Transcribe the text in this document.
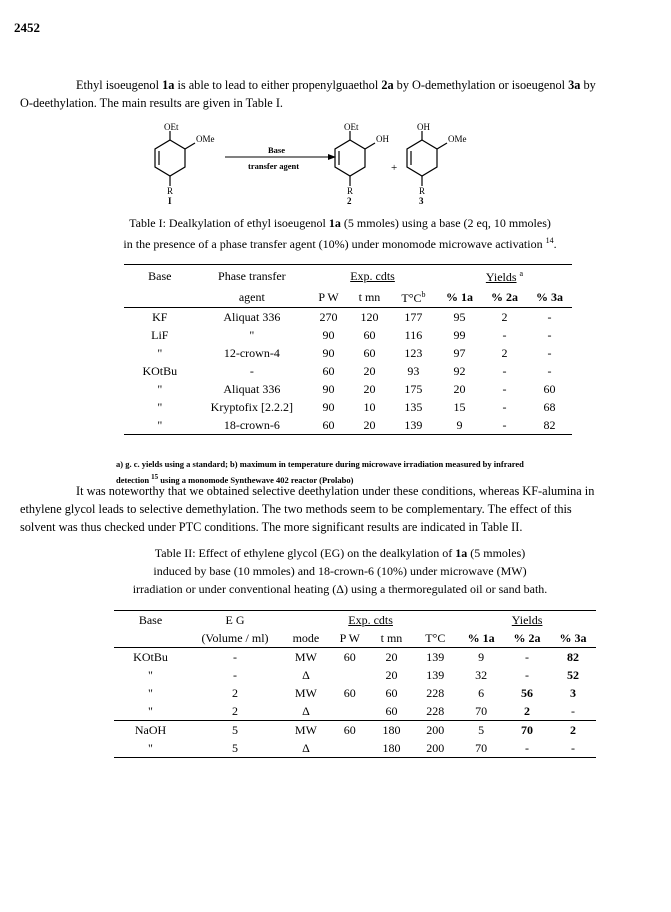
2452
Ethyl isoeugenol 1a is able to lead to either propenylguaethol 2a by O-demethylation or isoeugenol 3a by O-deethylation. The main results are given in Table I.
OEt
OMe
R
I
Base
transfer agent
OEt
OH
R
2
+
OH
OMe
R
3
Table I: Dealkylation of ethyl isoeugenol 1a (5 mmoles) using a base (2 eq, 10 mmoles)
in the presence of a phase transfer agent (10%) under monomode microwave activation $^{14}$.
Base	Phase transfer	Exp. cdts			Yields $^a$
	agent	P W	t mn	$T^\circ C^b$	% 1a	% 2a	% 3a
KF	Aliquat 336	270	120	177	95	2	-
LiF	"	90	60	116	99	-	-
"	12-crown-4	90	60	123	97	2	-
KOtBu	-	60	20	93	92	-	-
"	Aliquat 336	90	20	175	20	-	60
"	Kryptofix [2.2.2]	90	10	135	15	-	68
"	18-crown-6	60	20	139	9	-	82
a) g. c. yields using a standard; b) maximum in temperature during microwave irradiation measured by infrared
detection $^{15}$ using a monomode Synthewave 402 reactor (Prolabo)
It was noteworthy that we obtained selective deethylation under these conditions, whereas KF-alumina in ethylene glycol leads to selective demethylation. The two methods seem to be complementary. The effect of this solvent was thus checked under PTC conditions. The more significant results are indicated in Table II.
Table II: Effect of ethylene glycol (EG) on the dealkylation of 1a (5 mmoles)
induced by base (10 mmoles) and 18-crown-6 (10%) under microwave (MW)
irradiation or under conventional heating (Δ) using a thermoregulated oil or sand bath.
Base	E G	Exp. cdts				Yields		
	(Volume / ml)	mode	P W	t mn	T°C	% 1a	% 2a	% 3a
KOtBu	-	MW	60	20	139	9	-	82
"	-	Δ		20	139	32	-	52
"	2	MW	60	60	228	6	56	3
"	2	Δ		60	228	70	2	-
NaOH	5	MW	60	180	200	5	70	2
"	5	Δ		180	200	70	-	-
